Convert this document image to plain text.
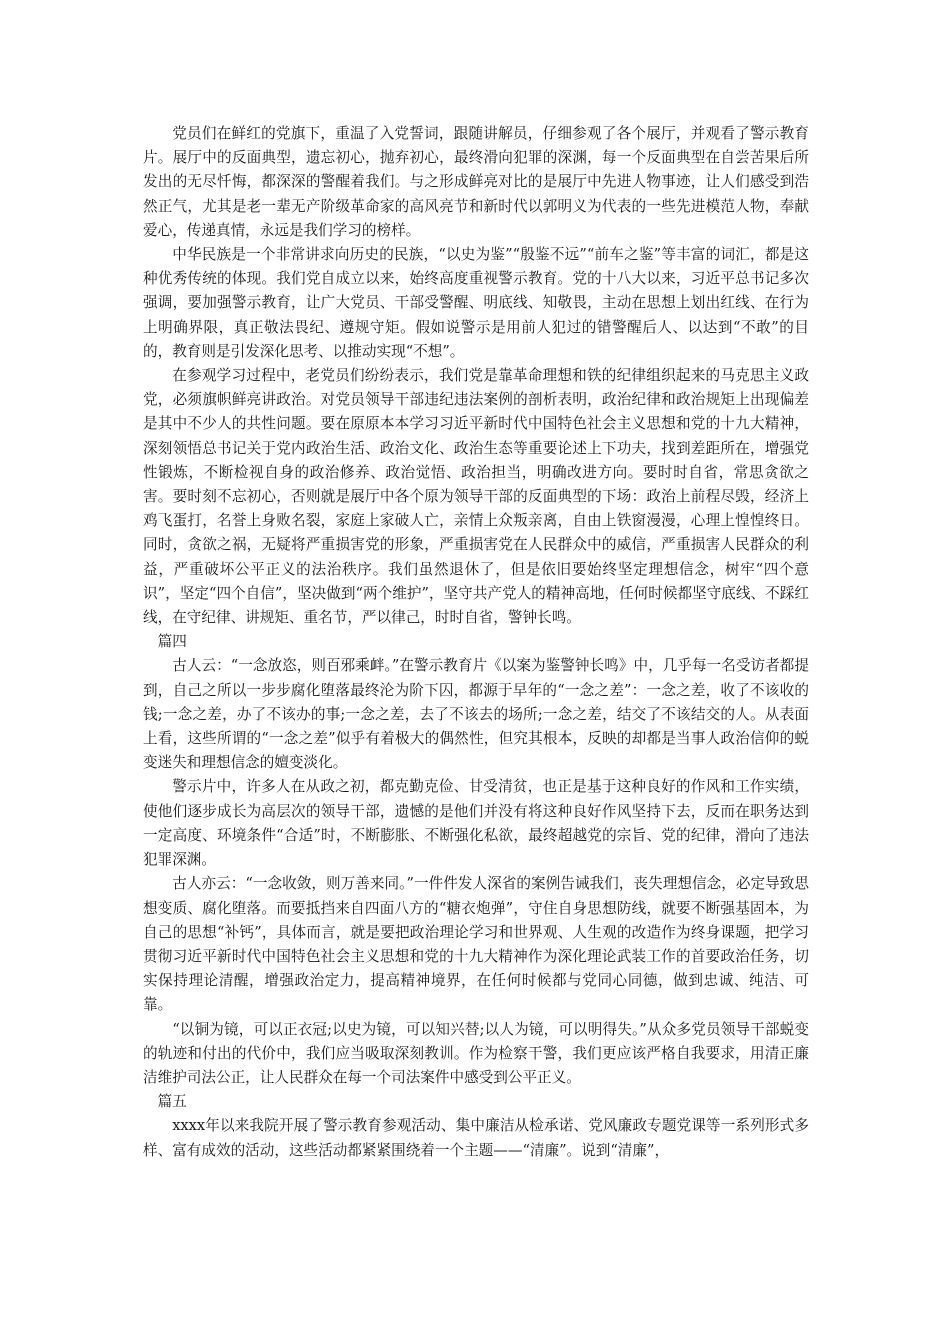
党员们在鲜红的党旗下，重温了入党誓词，跟随讲解员，仔细参观了各个展厅，并观看了警示教育片。展厅中的反面典型，遗忘初心，抛弃初心，最终滑向犯罪的深渊，每一个反面典型在自尝苦果后所发出的无尽忏悔，都深深的警醒着我们。与之形成鲜亮对比的是展厅中先进人物事迹，让人们感受到浩然正气，尤其是老一辈无产阶级革命家的高风亮节和新时代以郭明义为代表的一些先进模范人物，奉献爱心，传递真情，永远是我们学习的榜样。

中华民族是一个非常讲求向历史的民族，“以史为鉴”“殷鉴不远”“前车之鉴”等丰富的词汇，都是这种优秀传统的体现。我们党自成立以来，始终高度重视警示教育。党的十八大以来，习近平总书记多次强调，要加强警示教育，让广大党员、干部受警醒、明底线、知敬畏，主动在思想上划出红线、在行为上明确界限，真正敬法畏纪、遵规守矩。假如说警示是用前人犯过的错警醒后人、以达到“不敢”的目的，教育则是引发深化思考、以推动实现“不想”。

在参观学习过程中，老党员们纷纷表示，我们党是靠革命理想和铁的纪律组织起来的马克思主义政党，必须旗帜鲜亮讲政治。对党员领导干部违纪违法案例的剖析表明，政治纪律和政治规矩上出现偏差是其中不少人的共性问题。要在原原本本学习习近平新时代中国特色社会主义思想和党的十九大精神，深刻领悟总书记关于党内政治生活、政治文化、政治生态等重要论述上下功夫，找到差距所在，增强党性锻炼，不断检视自身的政治修养、政治觉悟、政治担当，明确改进方向。要时时自省，常思贪欲之害。要时刻不忘初心，否则就是展厅中各个原为领导干部的反面典型的下场：政治上前程尽毁，经济上鸡飞蛋打，名誉上身败名裂，家庭上家破人亡，亲情上众叛亲离，自由上铁窗漫漫，心理上惶惶终日。同时，贪欲之祸，无疑将严重损害党的形象，严重损害党在人民群众中的威信，严重损害人民群众的利益，严重破坏公平正义的法治秩序。我们虽然退休了，但是依旧要始终坚定理想信念，树牢“四个意识”，坚定“四个自信”，坚决做到“两个维护”，坚守共产党人的精神高地，任何时候都坚守底线、不踩红线，在守纪律、讲规矩、重名节，严以律己，时时自省，警钟长鸣。

篇四

古人云：“一念放恣，则百邪乘衅。”在警示教育片《以案为鉴警钟长鸣》中，几乎每一名受访者都提到，自己之所以一步步腐化堕落最终沦为阶下囚，都源于早年的“一念之差”：一念之差，收了不该收的钱;一念之差，办了不该办的事;一念之差，去了不该去的场所;一念之差，结交了不该结交的人。从表面上看，这些所谓的“一念之差”似乎有着极大的偶然性，但究其根本，反映的却都是当事人政治信仰的蜕变迷失和理想信念的嬗变淡化。

警示片中，许多人在从政之初，都克勤克俭、甘受清贫，也正是基于这种良好的作风和工作实绩，使他们逐步成长为高层次的领导干部，遗憾的是他们并没有将这种良好作风坚持下去，反而在职务达到一定高度、环境条件“合适”时，不断膨胀、不断强化私欲，最终超越党的宗旨、党的纪律，滑向了违法犯罪深渊。

古人亦云：“一念收敛，则万善来同。”一件件发人深省的案例告诫我们，丧失理想信念，必定导致思想变质、腐化堕落。而要抵挡来自四面八方的“糖衣炮弹”，守住自身思想防线，就要不断强基固本，为自己的思想“补钙”，具体而言，就是要把政治理论学习和世界观、人生观的改造作为终身课题，把学习贯彻习近平新时代中国特色社会主义思想和党的十九大精神作为深化理论武装工作的首要政治任务，切实保持理论清醒，增强政治定力，提高精神境界，在任何时候都与党同心同德，做到忠诚、纯洁、可靠。

“以铜为镜，可以正衣冠;以史为镜，可以知兴替;以人为镜，可以明得失。”从众多党员领导干部蜕变的轨迹和付出的代价中，我们应当吸取深刻教训。作为检察干警，我们更应该严格自我要求，用清正廉洁维护司法公正，让人民群众在每一个司法案件中感受到公平正义。

篇五

xxxx年以来我院开展了警示教育参观活动、集中廉洁从检承诺、党风廉政专题党课等一系列形式多样、富有成效的活动，这些活动都紧紧围绕着一个主题——“清廉”。说到“清廉”，
